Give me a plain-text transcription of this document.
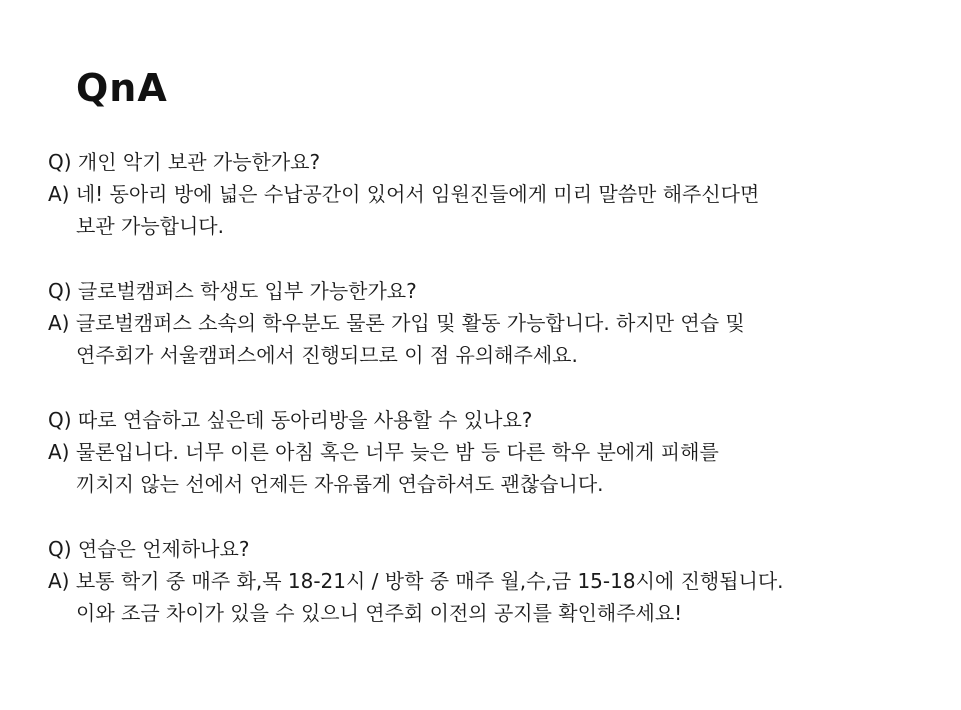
QnA
Q) 개인 악기 보관 가능한가요?
A) 네! 동아리 방에 넓은 수납공간이 있어서 임원진들에게 미리 말씀만 해주신다면
보관 가능합니다.
Q) 글로벌캠퍼스 학생도 입부 가능한가요?
A) 글로벌캠퍼스 소속의 학우분도 물론 가입 및 활동 가능합니다. 하지만 연습 및
연주회가 서울캠퍼스에서 진행되므로 이 점 유의해주세요.
Q) 따로 연습하고 싶은데 동아리방을 사용할 수 있나요?
A) 물론입니다. 너무 이른 아침 혹은 너무 늦은 밤 등 다른 학우 분에게 피해를
끼치지 않는 선에서 언제든 자유롭게 연습하셔도 괜찮습니다.
Q) 연습은 언제하나요?
A) 보통 학기 중 매주 화,목 18-21시 / 방학 중 매주 월,수,금 15-18시에 진행됩니다.
이와 조금 차이가 있을 수 있으니 연주회 이전의 공지를 확인해주세요!
